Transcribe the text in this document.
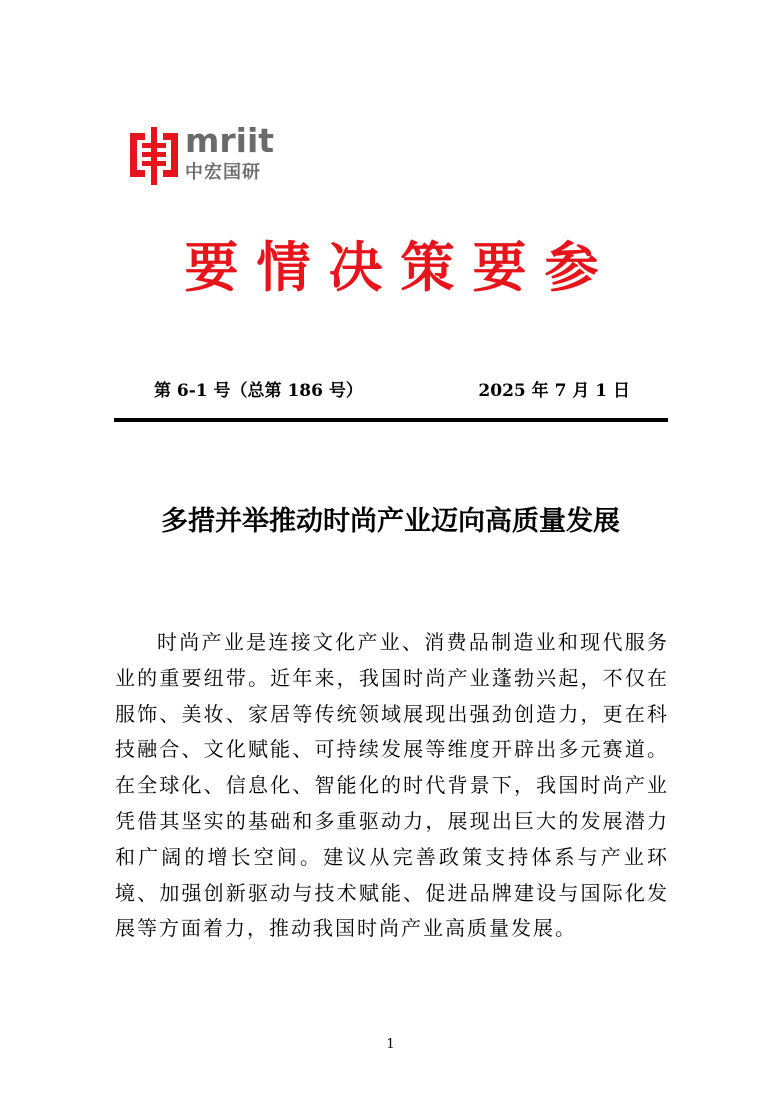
mriit
中宏国研
要情决策要参
第 6-1 号（总第 186 号）	2025 年 7 月 1 日
多措并举推动时尚产业迈向高质量发展

时尚产业是连接文化产业、消费品制造业和现代服务业的重要纽带。近年来，我国时尚产业蓬勃兴起，不仅在服饰、美妆、家居等传统领域展现出强劲创造力，更在科技融合、文化赋能、可持续发展等维度开辟出多元赛道。在全球化、信息化、智能化的时代背景下，我国时尚产业凭借其坚实的基础和多重驱动力，展现出巨大的发展潜力和广阔的增长空间。建议从完善政策支持体系与产业环境、加强创新驱动与技术赋能、促进品牌建设与国际化发展等方面着力，推动我国时尚产业高质量发展。

1
